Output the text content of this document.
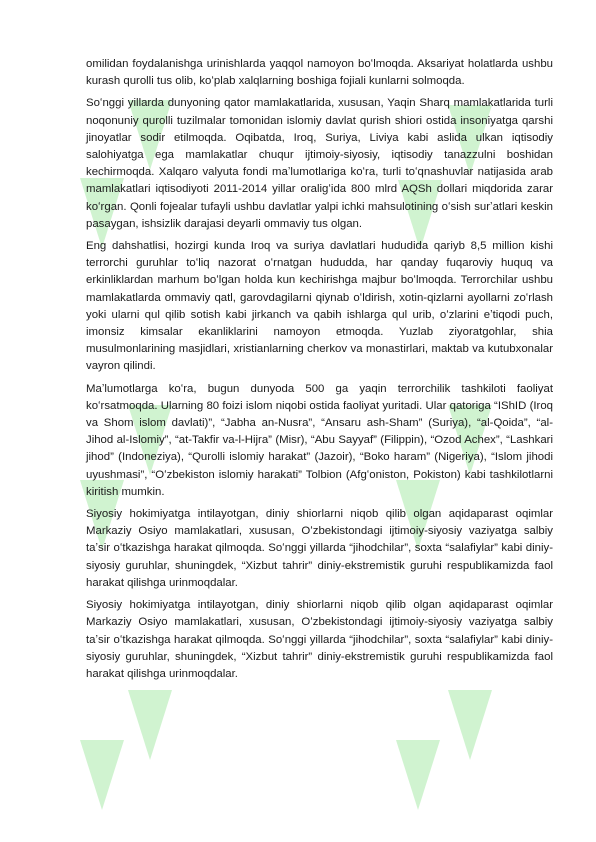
omilidan foydalanishga urinishlarda yaqqol namoyon boʻlmoqda. Aksariyat holatlarda ushbu kurash qurolli tus olib, koʻplab xalqlarning boshiga fojiali kunlarni solmoqda.

Soʻnggi yillarda dunyoning qator mamlakatlarida, xususan, Yaqin Sharq mamlakatlarida turli noqonuniy qurolli tuzilmalar tomonidan islomiy davlat qurish shiori ostida insoniyatga qarshi jinoyatlar sodir etilmoqda. Oqibatda, Iroq, Suriya, Liviya kabi aslida ulkan iqtisodiy salohiyatga ega mamlakatlar chuqur ijtimoiy-siyosiy, iqtisodiy tanazzulni boshidan kechirmoqda. Xalqaro valyuta fondi maʼlumotlariga koʻra, turli toʻqnashuvlar natijasida arab mamlakatlari iqtisodiyoti 2011-2014 yillar oraligʻida 800 mlrd AQSh dollari miqdorida zarar koʻrgan. Qonli fojealar tufayli ushbu davlatlar yalpi ichki mahsulotining oʻsish surʼatlari keskin pasaygan, ishsizlik darajasi deyarli ommaviy tus olgan.

Eng dahshatlisi, hozirgi kunda Iroq va suriya davlatlari hududida qariyb 8,5 million kishi terrorchi guruhlar toʻliq nazorat oʻrnatgan hududda, har qanday fuqaroviy huquq va erkinliklardan marhum boʻlgan holda kun kechirishga majbur boʻlmoqda. Terrorchilar ushbu mamlakatlarda ommaviy qatl, garovdagilarni qiynab oʻldirish, xotin-qizlarni ayollarni zoʻrlash yoki ularni qul qilib sotish kabi jirkanch va qabih ishlarga qul urib, oʻzlarini eʼtiqodi puch, imonsiz kimsalar ekanliklarini namoyon etmoqda. Yuzlab ziyoratgohlar, shia musulmonlarining masjidlari, xristianlarning cherkov va monastirlari, maktab va kutubxonalar vayron qilindi.

Maʼlumotlarga koʻra, bugun dunyoda 500 ga yaqin terrorchilik tashkiloti faoliyat koʻrsatmoqda. Ularning 80 foizi islom niqobi ostida faoliyat yuritadi. Ular qatoriga “IShID (Iroq va Shom islom davlati)”, “Jabha an-Nusra”, “Ansaru ash-Sham” (Suriya), “al-Qoida”, “al-Jihod al-Islomiy”, “at-Takfir va-l-Hijra” (Misr), “Abu Sayyaf” (Filippin), “Ozod Achex”, “Lashkari jihod” (Indoneziya), “Qurolli islomiy harakat” (Jazoir), “Boko haram” (Nigeriya), “Islom jihodi uyushmasi”, “Oʻzbekiston islomiy harakati” Tolbion (Afgʻoniston, Pokiston) kabi tashkilotlarni kiritish mumkin.

Siyosiy hokimiyatga intilayotgan, diniy shiorlarni niqob qilib olgan aqidaparast oqimlar Markaziy Osiyo mamlakatlari, xususan, Oʻzbekistondagi ijtimoiy-siyosiy vaziyatga salbiy taʼsir oʻtkazishga harakat qilmoqda. Soʻnggi yillarda “jihodchilar”, soxta “salafiylar” kabi diniy-siyosiy guruhlar, shuningdek, “Xizbut tahrir” diniy-ekstremistik guruhi respublikamizda faol harakat qilishga urinmoqdalar.

Siyosiy hokimiyatga intilayotgan, diniy shiorlarni niqob qilib olgan aqidaparast oqimlar Markaziy Osiyo mamlakatlari, xususan, Oʻzbekistondagi ijtimoiy-siyosiy vaziyatga salbiy taʼsir oʻtkazishga harakat qilmoqda. Soʻnggi yillarda “jihodchilar”, soxta “salafiylar” kabi diniy-siyosiy guruhlar, shuningdek, “Xizbut tahrir” diniy-ekstremistik guruhi respublikamizda faol harakat qilishga urinmoqdalar.
